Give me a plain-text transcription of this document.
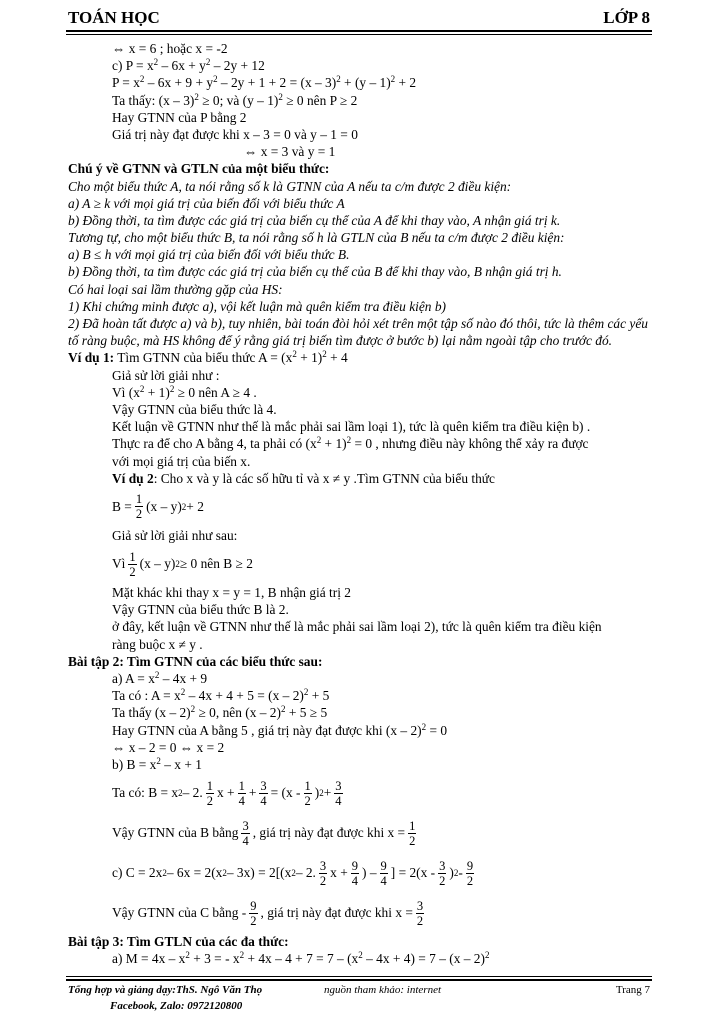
TOÁN HỌC	LỚP 8
⇔ x = 6 ; hoặc x = -2
c) $P = x^2 - 6x + y^2 - 2y + 12$
$P = x^2 - 6x + 9 + y^2 - 2y + 1 + 2 = (x - 3)^2 + (y - 1)^2 + 2$
Ta thấy: (x – 3)$^2$ ≥ 0; và (y – 1)$^2$ ≥ 0 nên P ≥ 2
Hay GTNN của P bằng 2
Giá trị này đạt được khi x – 3 = 0 và y – 1 = 0
⇔ x = 3 và y = 1
Chú ý về GTNN và GTLN của một biểu thức:
Cho một biểu thức A, ta nói rằng số k là GTNN của A nếu ta c/m được 2 điều kiện:
a) A ≥ k với mọi giá trị của biến đối với biểu thức A
b) Đồng thời, ta tìm được các giá trị của biến cụ thể của A để khi thay vào, A nhận giá trị k.
Tương tự, cho một biểu thức B, ta nói rằng số h là GTLN của B nếu ta c/m được 2 điều kiện:
a) B ≤ h với mọi giá trị của biến đối với biểu thức B.
b) Đồng thời, ta tìm được các giá trị của biến cụ thể của B để khi thay vào, B nhận giá trị h.
Có hai loại sai lầm thường gặp của HS:
1) Khi chứng minh được a), vội kết luận mà quên kiểm tra điều kiện b)
2) Đã hoàn tất được a) và b), tuy nhiên, bài toán đòi hỏi xét trên một tập số nào đó thôi, tức là thêm các yếu tố ràng buộc, mà HS không để ý rằng giá trị biến tìm được ở bước b) lại nằm ngoài tập cho trước đó.
Ví dụ 1: Tìm GTNN của biểu thức $A = (x^2 + 1)^2 + 4$
Giả sử lời giải như :
Vì $(x^2 + 1)^2 \ge 0$ nên A ≥ 4 .
Vậy GTNN của biểu thức là 4.
Kết luận về GTNN như thế là mắc phải sai lầm loại 1), tức là quên kiểm tra điều kiện b) .
Thực ra để cho A bằng 4, ta phải có $(x^2 + 1)^2 = 0$ , nhưng điều này không thể xảy ra được
với mọi giá trị của biến x.
Ví dụ 2: Cho x và y là các số hữu tỉ và x ≠ y .Tìm GTNN của biểu thức
$B = \frac{1}{2} (x - y) 2 + 2$
Giả sử lời giải như sau:
Vì $\frac{1}{2} (x - y) 2 \ge 0$ nên B ≥ 2
Mặt khác khi thay x = y = 1, B nhận giá trị 2
Vậy GTNN của biểu thức B là 2.
ở đây, kết luận về GTNN như thế là mắc phải sai lầm loại 2), tức là quên kiểm tra điều kiện
ràng buộc x ≠ y .
Bài tập 2: Tìm GTNN của các biểu thức sau:
a) $A = x^2 - 4x + 9$
Ta có : $A = x^2 - 4x + 4 + 5 = (x - 2)^2 + 5$
Ta thấy (x – 2)$^2$ ≥ 0, nên (x – 2)$^2$ + 5 ≥ 5
Hay GTNN của A bằng 5 , giá trị này đạt được khi (x – 2)$^2$ = 0
⇔ x – 2 = 0 ⇔ x = 2
b) $B = x^2 - x + 1$
Ta có: B = x 2 – 2. $\frac{1}{2}$ $x + \frac{1}{4} + \frac{3}{4} = (x - \frac{1}{2}$ ) $2 + \frac{3}{4}$
Vậy GTNN của B bằng $\frac{3}{4}$ , giá trị này đạt được khi $x = \frac{1}{2}$
c) C = 2x 2 – 6x = 2(x 2 – 3x) = 2[(x 2 – 2. $\frac{3}{2}$ $x + \frac{9}{4}$ ) – $\frac{9}{4}$ ] = $2(x - \frac{3}{2}$ ) $2 - \frac{9}{2}$
Vậy GTNN của C bằng - $\frac{9}{2}$ , giá trị này đạt được khi $x = \frac{3}{2}$
Bài tập 3: Tìm GTLN của các đa thức:
a) $M = 4x - x^2 + 3$ = - $x^2 + 4x - 4 + 7 = 7 - (x^2 - 4x + 4) = 7 - (x - 2)^2$
Tổng hợp và giảng dạy:ThS. Ngô Văn Thọ
Facebook, Zalo: 0972120800
nguồn tham khảo: internet	Trang 7
